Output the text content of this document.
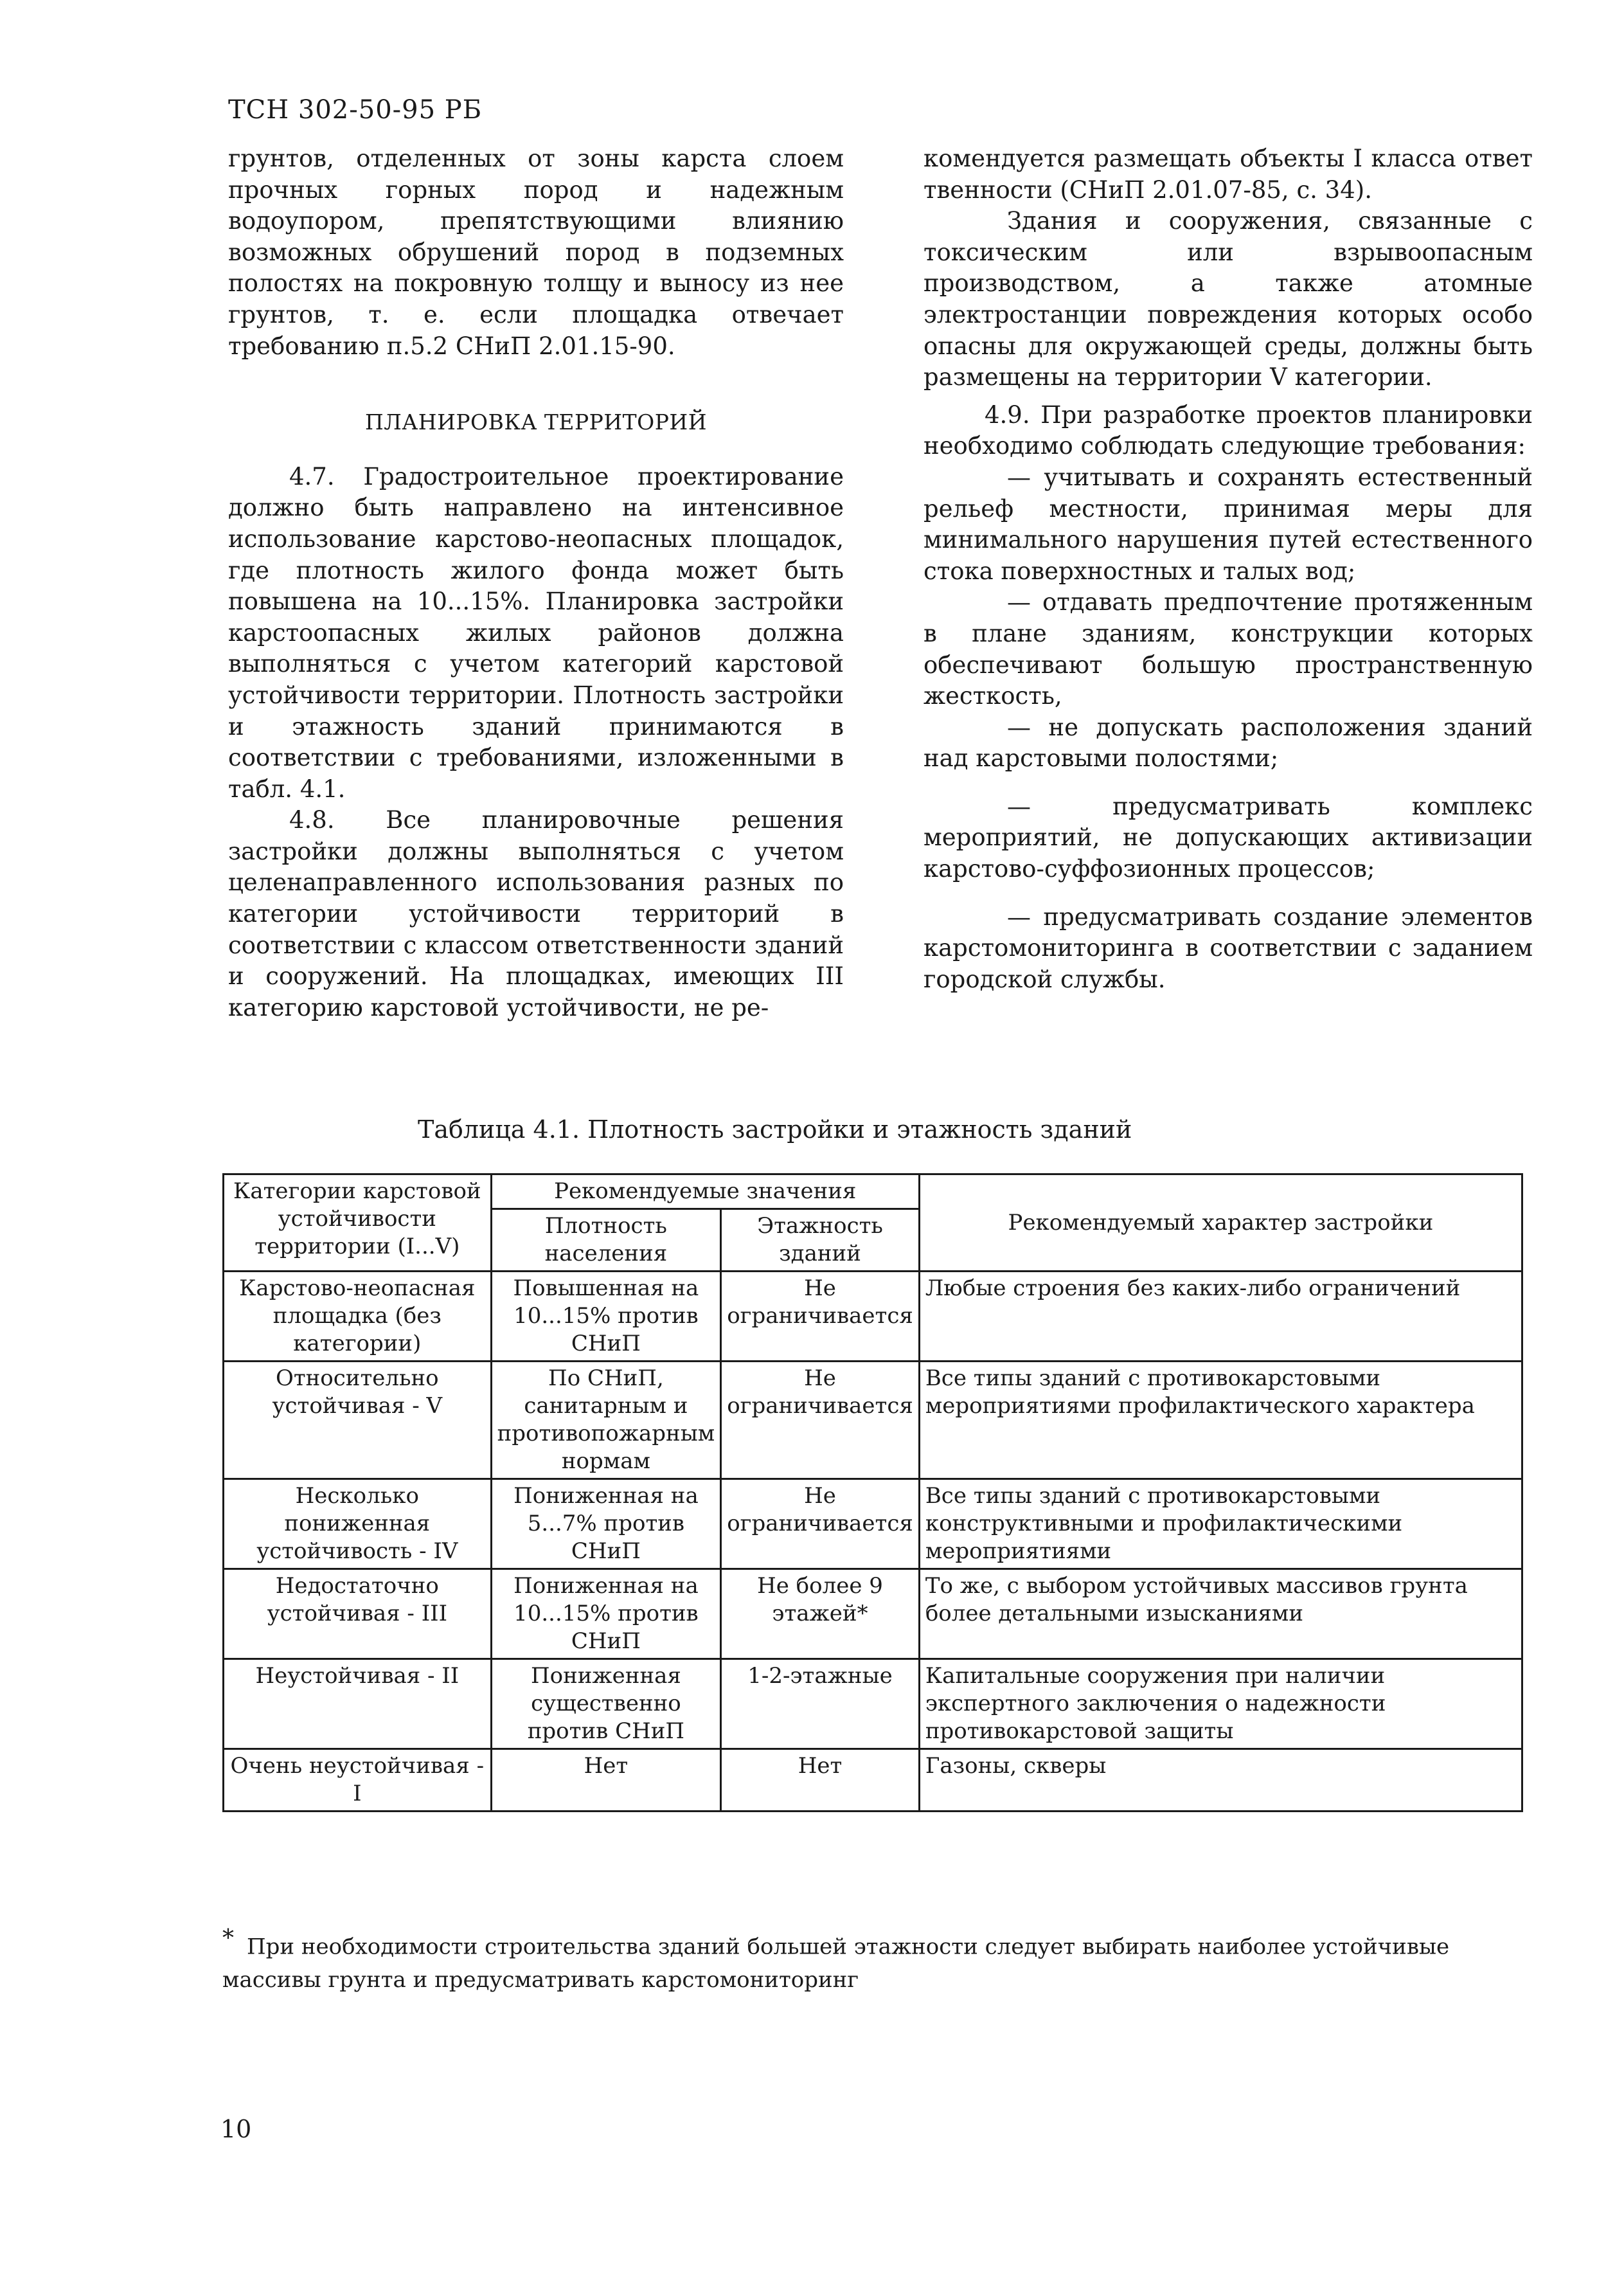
ТСН 302-50-95 РБ

грунтов, отделенных от зоны карста слоем прочных горных пород и надежным водоупором, препятствующими влиянию возможных обрушений пород в подземных полостях на покровную толщу и выносу из нее грунтов, т. е. если площадка отвечает требованию п.5.2 СНиП 2.01.15-90.

ПЛАНИРОВКА ТЕРРИТОРИЙ

4.7. Градостроительное проектирование должно быть направлено на интенсивное использование карстово-неопасных площадок, где плотность жилого фонда может быть повышена на 10...15%. Планировка застройки карстоопасных жилых районов должна выполняться с учетом категорий карстовой устойчивости территории. Плотность застройки и этажность зданий принимаются в соответствии с требованиями, изложенными в табл. 4.1.

4.8. Все планировочные решения застройки должны выполняться с учетом целенаправленного использования разных по категории устойчивости территорий в соответствии с классом ответственности зданий и сооружений. На площадках, имеющих III категорию карстовой устойчивости, не ре-

комендуется размещать объекты I класса ответ твенности (СНиП 2.01.07-85, с. 34).

Здания и сооружения, связанные с токсическим или взрывоопасным производством, а также атомные электростанции повреждения которых особо опасны для окружающей среды, должны быть размещены на территории V категории.

4.9. При разработке проектов планировки необходимо соблюдать следующие требования:

— учитывать и сохранять естественный рельеф местности, принимая меры для минимального нарушения путей естественного стока поверхностных и талых вод;

— отдавать предпочтение протяженным в плане зданиям, конструкции которых обеспечивают большую пространственную жесткость,

— не допускать расположения зданий над карстовыми полостями;

— предусматривать комплекс мероприятий, не допускающих активизации карстово-суффозионных процессов;

— предусматривать создание элементов карстомониторинга в соответствии с заданием городской службы.

Таблица 4.1. Плотность застройки и этажность зданий
Категории карстовой устойчивости территории (I...V)	Рекомендуемые значения		Рекомендуемый характер застройки
	Плотность населения	Этажность зданий	
Карстово-неопасная площадка (без категории)	Повышенная на 10...15% против СНиП	Не ограничивается	Любые строения без каких-либо ограничений
Относительно устойчивая - V	По СНиП, санитарным и противопожарным нормам	Не ограничивается	Все типы зданий с противокарстовыми мероприятиями профилактического характера
Несколько пониженная устойчивость - IV	Пониженная на 5...7% против СНиП	Не ограничивается	Все типы зданий с противокарстовыми конструктивными и профилактическими мероприятиями
Недостаточно устойчивая - III	Пониженная на 10...15% против СНиП	Не более 9 этажей*	То же, с выбором устойчивых массивов грунта более детальными изысканиями
Неустойчивая - II	Пониженная существенно против СНиП	1-2-этажные	Капитальные сооружения при наличии экспертного заключения о надежности противокарстовой защиты
Очень неустойчивая - I	Нет	Нет	Газоны, скверы
* При необходимости строительства зданий большей этажности следует выбирать наиболее устойчивые массивы грунта и предусматривать карстомониторинг
10
